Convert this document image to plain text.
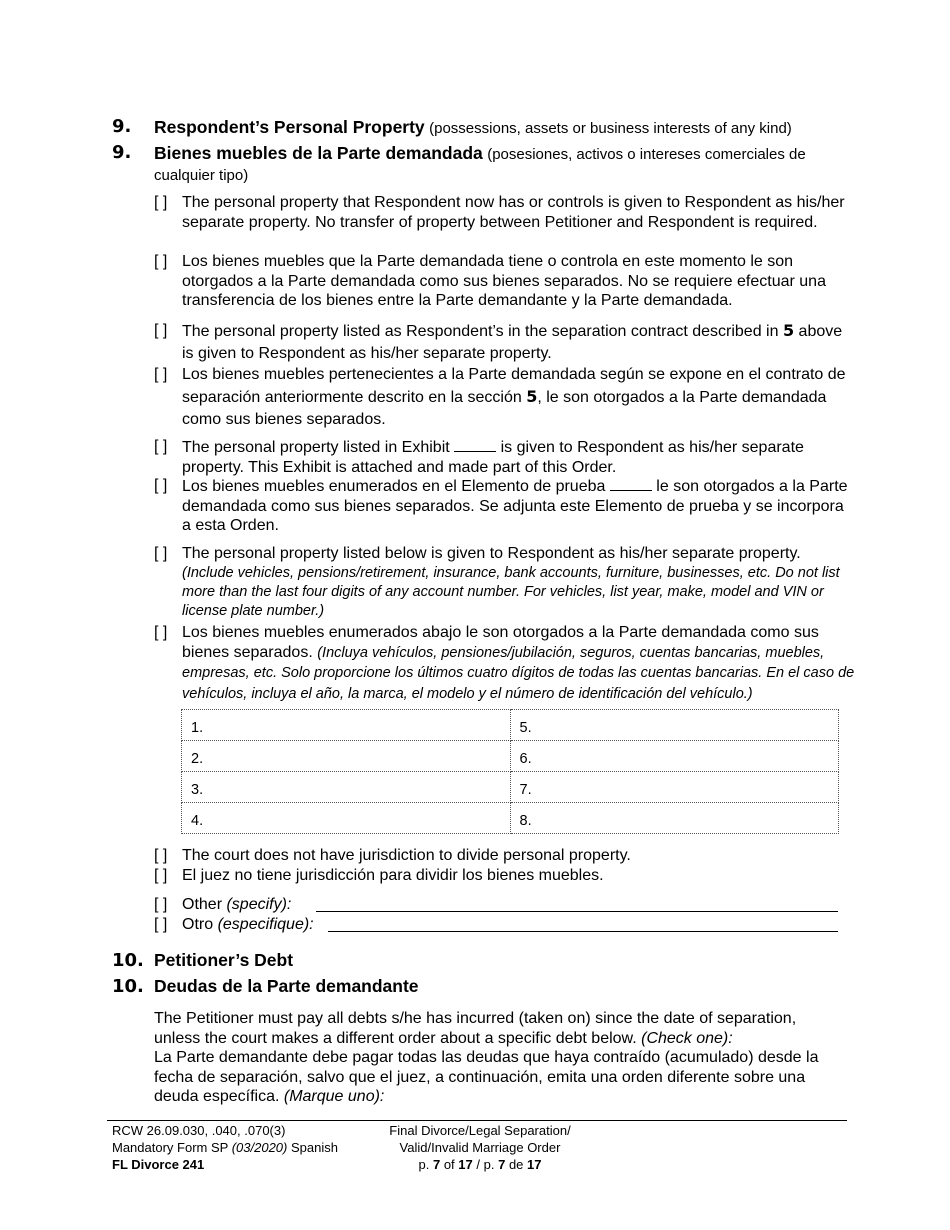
9. Respondent’s Personal Property (possessions, assets or business interests of any kind)
9. Bienes muebles de la Parte demandada (posesiones, activos o intereses comerciales de cualquier tipo)
[ ] The personal property that Respondent now has or controls is given to Respondent as his/her separate property. No transfer of property between Petitioner and Respondent is required.
[ ] Los bienes muebles que la Parte demandada tiene o controla en este momento le son otorgados a la Parte demandada como sus bienes separados. No se requiere efectuar una transferencia de los bienes entre la Parte demandante y la Parte demandada.
[ ] The personal property listed as Respondent’s in the separation contract described in 5 above is given to Respondent as his/her separate property.
[ ] Los bienes muebles pertenecientes a la Parte demandada según se expone en el contrato de separación anteriormente descrito en la sección 5, le son otorgados a la Parte demandada como sus bienes separados.
[ ] The personal property listed in Exhibit	is given to Respondent as his/her separate property. This Exhibit is attached and made part of this Order.
[ ] Los bienes muebles enumerados en el Elemento de prueba	le son otorgados a la Parte demandada como sus bienes separados. Se adjunta este Elemento de prueba y se incorpora a esta Orden.
[ ] The personal property listed below is given to Respondent as his/her separate property.
(Include vehicles, pensions/retirement, insurance, bank accounts, furniture, businesses, etc. Do not list more than the last four digits of any account number. For vehicles, list year, make, model and VIN or license plate number.)
[ ] Los bienes muebles enumerados abajo le son otorgados a la Parte demandada como sus bienes separados. (Incluya vehículos, pensiones/jubilación, seguros, cuentas bancarias, muebles, empresas, etc. Solo proporcione los últimos cuatro dígitos de todas las cuentas bancarias. En el caso de vehículos, incluya el año, la marca, el modelo y el número de identificación del vehículo.)
1.	5.
2.	6.
3.	7.
4.	8.
[ ] The court does not have jurisdiction to divide personal property.
[ ] El juez no tiene jurisdicción para dividir los bienes muebles.
[ ] Other (specify):
[ ] Otro (especifique):
10. Petitioner’s Debt
10. Deudas de la Parte demandante
The Petitioner must pay all debts s/he has incurred (taken on) since the date of separation, unless the court makes a different order about a specific debt below. (Check one):
La Parte demandante debe pagar todas las deudas que haya contraído (acumulado) desde la fecha de separación, salvo que el juez, a continuación, emita una orden diferente sobre una deuda específica. (Marque uno):
RCW 26.09.030, .040, .070(3)
Mandatory Form SP (03/2020) Spanish
FL Divorce 241
Final Divorce/Legal Separation/
Valid/Invalid Marriage Order
p. 7 of 17 / p. 7 de 17
